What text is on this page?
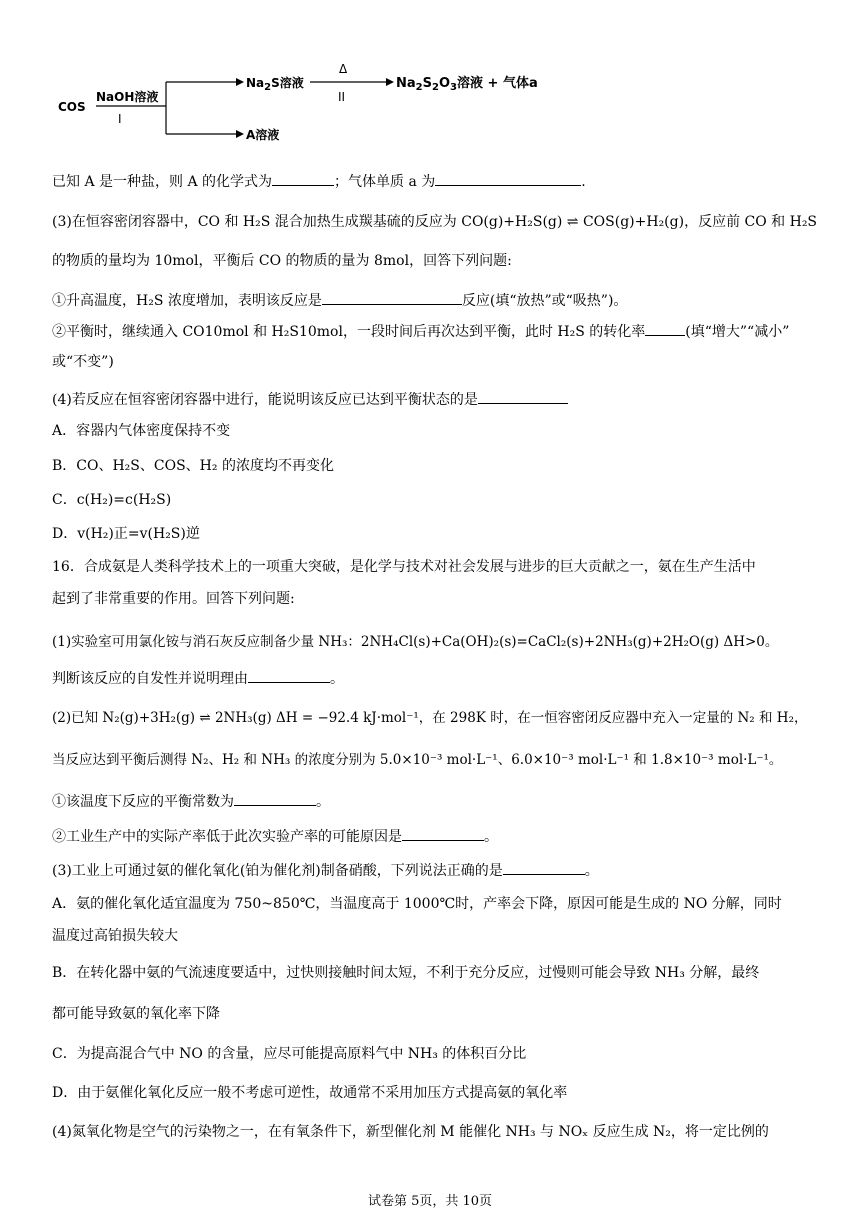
COS
NaOH溶液
I
$Na_2S$溶液
Δ
II
$Na_2S_2O_3$溶液 + 气体a
A溶液
已知 A 是一种盐，则 A 的化学式为	；气体单质 a 为	.
(3)在恒容密闭容器中，CO 和 H₂S 混合加热生成羰基硫的反应为 CO(g)+H₂S(g) ⇌ COS(g)+H₂(g)，反应前 CO 和 H₂S
的物质的量均为 10mol，平衡后 CO 的物质的量为 8mol，回答下列问题:
①升高温度，H₂S 浓度增加，表明该反应是	反应(填“放热”或“吸热”)。
②平衡时，继续通入 CO10mol 和 H₂S10mol，一段时间后再次达到平衡，此时 H₂S 的转化率	(填“增大”“减小”
或“不变”)
(4)若反应在恒容密闭容器中进行，能说明该反应已达到平衡状态的是
A．容器内气体密度保持不变
B．CO、H₂S、COS、H₂ 的浓度均不再变化
C．c(H₂)=c(H₂S)
D．v(H₂)正=v(H₂S)逆
16．合成氨是人类科学技术上的一项重大突破，是化学与技术对社会发展与进步的巨大贡献之一，氨在生产生活中
起到了非常重要的作用。回答下列问题:
(1)实验室可用氯化铵与消石灰反应制备少量 NH₃：2NH₄Cl(s)+Ca(OH)₂(s)=CaCl₂(s)+2NH₃(g)+2H₂O(g) ΔH>0。
判断该反应的自发性并说明理由	。
(2)已知 N₂(g)+3H₂(g) ⇌ 2NH₃(g) ΔH = −92.4 kJ·mol⁻¹，在 298K 时，在一恒容密闭反应器中充入一定量的 N₂ 和 H₂，
当反应达到平衡后测得 N₂、H₂ 和 NH₃ 的浓度分别为 5.0×10⁻³ mol·L⁻¹、6.0×10⁻³ mol·L⁻¹ 和 1.8×10⁻³ mol·L⁻¹。
①该温度下反应的平衡常数为	。
②工业生产中的实际产率低于此次实验产率的可能原因是	。
(3)工业上可通过氨的催化氧化(铂为催化剂)制备硝酸，下列说法正确的是	。
A．氨的催化氧化适宜温度为 750~850℃，当温度高于 1000℃时，产率会下降，原因可能是生成的 NO 分解，同时
温度过高铂损失较大
B．在转化器中氨的气流速度要适中，过快则接触时间太短，不利于充分反应，过慢则可能会导致 NH₃ 分解，最终
都可能导致氨的氧化率下降
C．为提高混合气中 NO 的含量，应尽可能提高原料气中 NH₃ 的体积百分比
D．由于氨催化氧化反应一般不考虑可逆性，故通常不采用加压方式提高氨的氧化率
(4)氮氧化物是空气的污染物之一，在有氧条件下，新型催化剂 M 能催化 NH₃ 与 NOₓ 反应生成 N₂，将一定比例的
试卷第 5页，共 10页
